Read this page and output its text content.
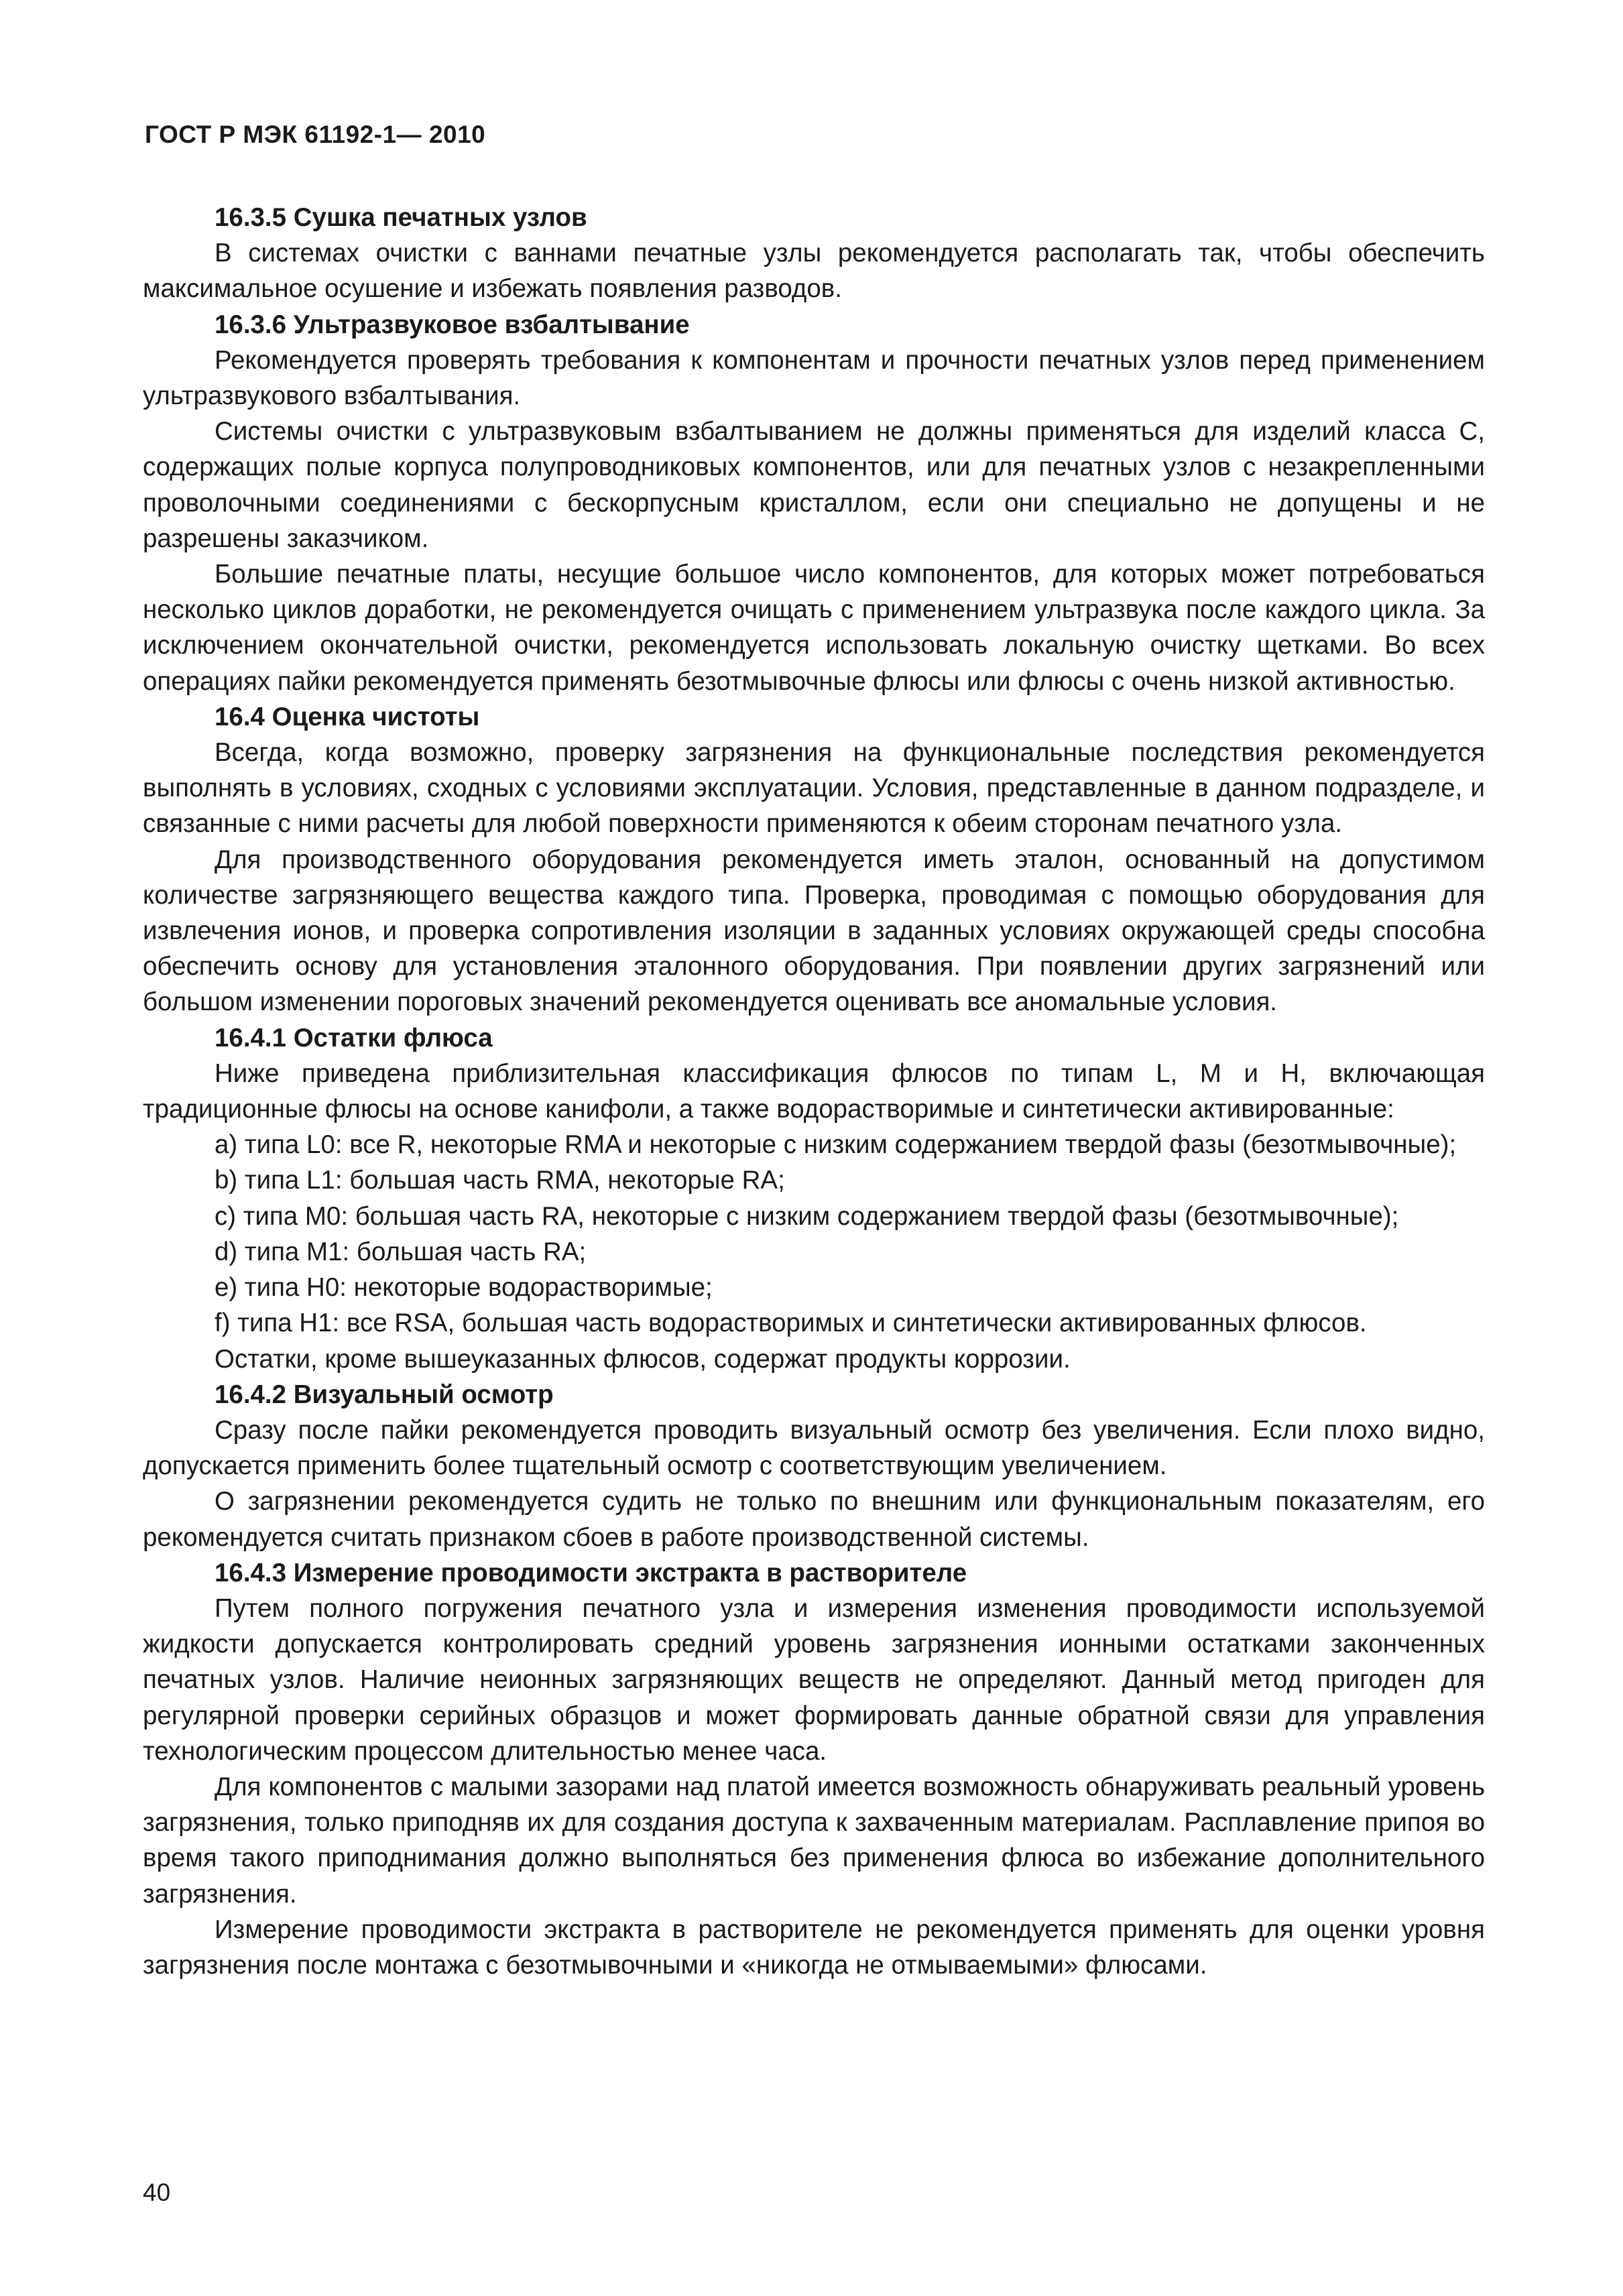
ГОСТ Р МЭК 61192-1— 2010
16.3.5 Сушка печатных узлов

В системах очистки с ваннами печатные узлы рекомендуется располагать так, чтобы обеспечить максимальное осушение и избежать появления разводов.

16.3.6 Ультразвуковое взбалтывание

Рекомендуется проверять требования к компонентам и прочности печатных узлов перед применением ультразвукового взбалтывания.

Системы очистки с ультразвуковым взбалтыванием не должны применяться для изделий класса С, содержащих полые корпуса полупроводниковых компонентов, или для печатных узлов с незакрепленными проволочными соединениями с бескорпусным кристаллом, если они специально не допущены и не разрешены заказчиком.

Большие печатные платы, несущие большое число компонентов, для которых может потребоваться несколько циклов доработки, не рекомендуется очищать с применением ультразвука после каждого цикла. За исключением окончательной очистки, рекомендуется использовать локальную очистку щетками. Во всех операциях пайки рекомендуется применять безотмывочные флюсы или флюсы с очень низкой активностью.

16.4 Оценка чистоты

Всегда, когда возможно, проверку загрязнения на функциональные последствия рекомендуется выполнять в условиях, сходных с условиями эксплуатации. Условия, представленные в данном подразделе, и связанные с ними расчеты для любой поверхности применяются к обеим сторонам печатного узла.

Для производственного оборудования рекомендуется иметь эталон, основанный на допустимом количестве загрязняющего вещества каждого типа. Проверка, проводимая с помощью оборудования для извлечения ионов, и проверка сопротивления изоляции в заданных условиях окружающей среды способна обеспечить основу для установления эталонного оборудования. При появлении других загрязнений или большом изменении пороговых значений рекомендуется оценивать все аномальные условия.

16.4.1 Остатки флюса

Ниже приведена приблизительная классификация флюсов по типам L, M и H, включающая традиционные флюсы на основе канифоли, а также водорастворимые и синтетически активированные:

a) типа L0: все R, некоторые RMA и некоторые с низким содержанием твердой фазы (безотмывочные);

b) типа L1: большая часть RMA, некоторые RA;

c) типа M0: большая часть RA, некоторые с низким содержанием твердой фазы (безотмывочные);

d) типа M1: большая часть RA;

e) типа H0: некоторые водорастворимые;

f) типа H1: все RSA, большая часть водорастворимых и синтетически активированных флюсов.

Остатки, кроме вышеуказанных флюсов, содержат продукты коррозии.

16.4.2 Визуальный осмотр

Сразу после пайки рекомендуется проводить визуальный осмотр без увеличения. Если плохо видно, допускается применить более тщательный осмотр с соответствующим увеличением.

О загрязнении рекомендуется судить не только по внешним или функциональным показателям, его рекомендуется считать признаком сбоев в работе производственной системы.

16.4.3 Измерение проводимости экстракта в растворителе

Путем полного погружения печатного узла и измерения изменения проводимости используемой жидкости допускается контролировать средний уровень загрязнения ионными остатками законченных печатных узлов. Наличие неионных загрязняющих веществ не определяют. Данный метод пригоден для регулярной проверки серийных образцов и может формировать данные обратной связи для управления технологическим процессом длительностью менее часа.

Для компонентов с малыми зазорами над платой имеется возможность обнаруживать реальный уровень загрязнения, только приподняв их для создания доступа к захваченным материалам. Расплавление припоя во время такого приподнимания должно выполняться без применения флюса во избежание дополнительного загрязнения.

Измерение проводимости экстракта в растворителе не рекомендуется применять для оценки уровня загрязнения после монтажа с безотмывочными и «никогда не отмываемыми» флюсами.

40
